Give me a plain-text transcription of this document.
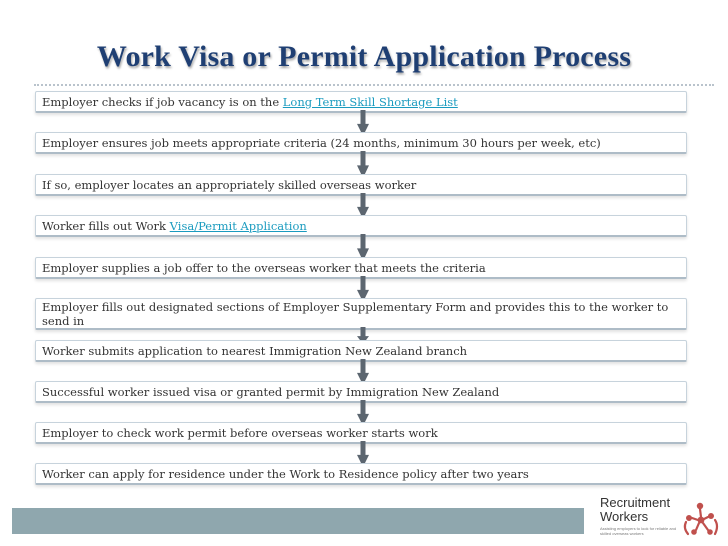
Work Visa or Permit Application Process
Employer checks if job vacancy is on the Long Term Skill Shortage List
Employer ensures job meets appropriate criteria (24 months, minimum 30 hours per week, etc)
If so, employer locates an appropriately skilled overseas worker
Worker fills out Work Visa/Permit Application
Employer supplies a job offer to the overseas worker that meets the criteria
Employer fills out designated sections of Employer Supplementary Form and provides this to the worker to send in
Worker submits application to nearest Immigration New Zealand branch
Successful worker issued visa or granted permit by Immigration New Zealand
Employer to check work permit before overseas worker starts work
Worker can apply for residence under the Work to Residence policy after two years
Recruitment
Workers
Assisting employers to look for reliable and skilled overseas workers
